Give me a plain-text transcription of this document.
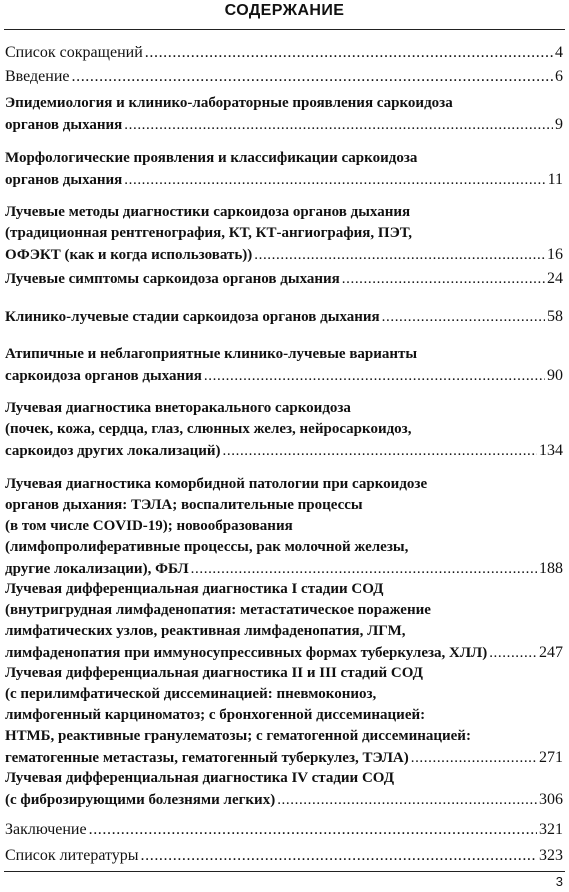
СОДЕРЖАНИЕ
Список сокращений .....	4
Введение .....	6
Эпидемиология и клинико-лабораторные проявления саркоидоза
органов дыхания .....	9
Морфологические проявления и классификации саркоидоза
органов дыхания .....	11
Лучевые методы диагностики саркоидоза органов дыхания
(традиционная рентгенография, КТ, КТ-ангиография, ПЭТ,
ОФЭКТ (как и когда использовать)) .....	16
Лучевые симптомы саркоидоза органов дыхания .....	24
Клинико-лучевые стадии саркоидоза органов дыхания .....	58
Атипичные и неблагоприятные клинико-лучевые варианты
саркоидоза органов дыхания .....	90
Лучевая диагностика внеторакального саркоидоза
(почек, кожа, сердца, глаз, слюнных желез, нейросаркоидоз,
саркоидоз других локализаций) .....	134
Лучевая диагностика коморбидной патологии при саркоидозе
органов дыхания: ТЭЛА; воспалительные процессы
(в том числе COVID-19); новообразования
(лимфопролиферативные процессы, рак молочной железы,
другие локализации), ФБЛ .....	188
Лучевая дифференциальная диагностика I стадии СОД
(внутригрудная лимфаденопатия: метастатическое поражение
лимфатических узлов, реактивная лимфаденопатия, ЛГМ,
лимфаденопатия при иммуносупрессивных формах туберкулеза, ХЛЛ) .....	247
Лучевая дифференциальная диагностика II и III стадий СОД
(с перилимфатической диссеминацией: пневмокониоз,
лимфогенный карциноматоз; с бронхогенной диссеминацией:
НТМБ, реактивные гранулематозы; с гематогенной диссеминацией:
гематогенные метастазы, гематогенный туберкулез, ТЭЛА) .....	271
Лучевая дифференциальная диагностика IV стадии СОД
(с фиброзирующими болезнями легких) .....	306
Заключение .....	321
Список литературы .....	323
3
